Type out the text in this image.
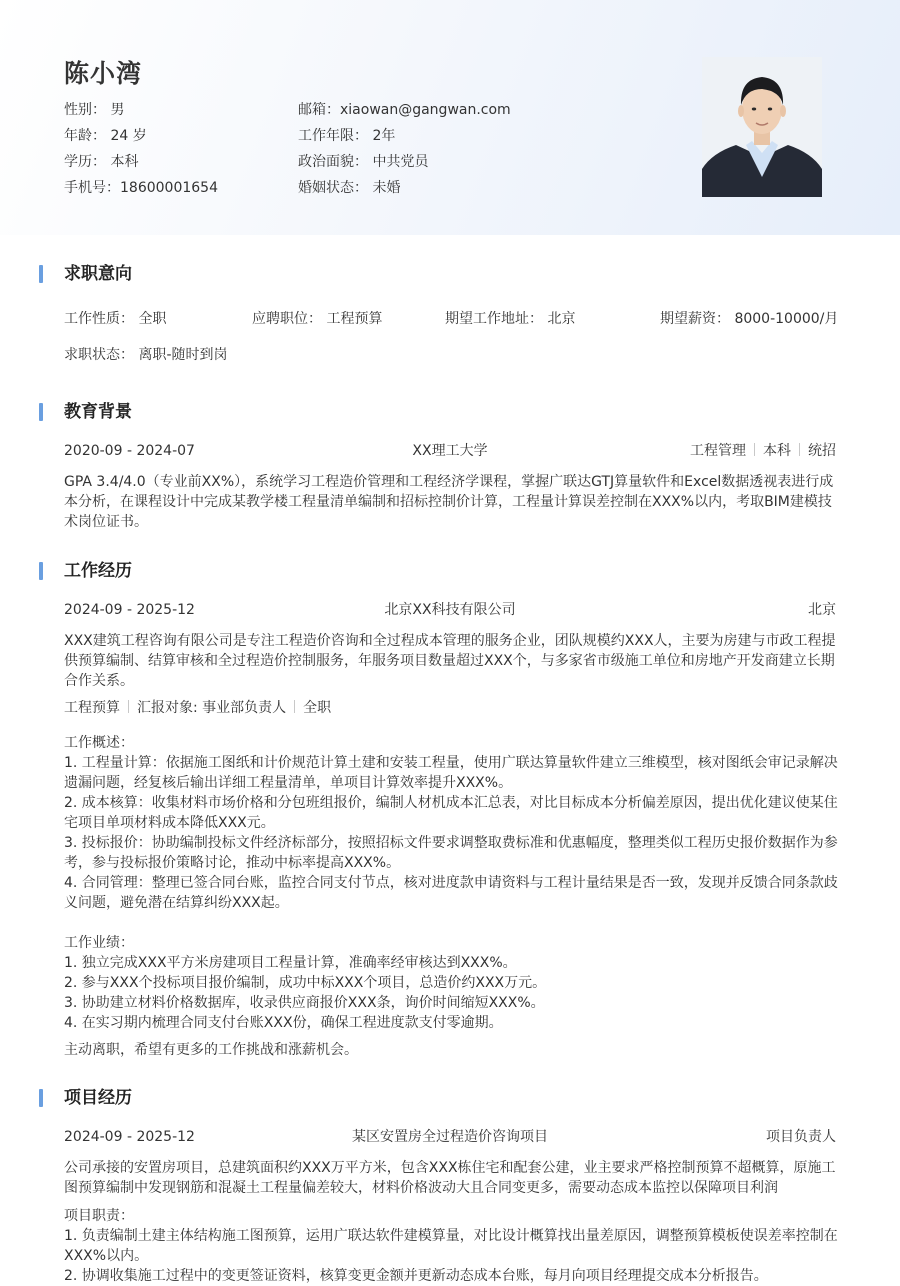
陈小湾
性别： 男
年龄： 24 岁
学历： 本科
手机号：18600001654
邮箱：xiaowan@gangwan.com
工作年限： 2年
政治面貌： 中共党员
婚姻状态： 未婚
求职意向
工作性质： 全职	应聘职位： 工程预算	期望工作地址： 北京	期望薪资： 8000-10000/月
求职状态： 离职-随时到岗
教育背景
2020-09 - 2024-07	XX理工大学	工程管理 本科 统招
GPA 3.4/4.0（专业前XX%），系统学习工程造价管理和工程经济学课程，掌握广联达GTJ算量软件和Excel数据透视表进行成
本分析，在课程设计中完成某教学楼工程量清单编制和招标控制价计算，工程量计算误差控制在XXX%以内，考取BIM建模技
术岗位证书。
工作经历
2024-09 - 2025-12	北京XX科技有限公司	北京
XXX建筑工程咨询有限公司是专注工程造价咨询和全过程成本管理的服务企业，团队规模约XXX人，主要为房建与市政工程提
供预算编制、结算审核和全过程造价控制服务，年服务项目数量超过XXX个，与多家省市级施工单位和房地产开发商建立长期
合作关系。
工程预算 汇报对象: 事业部负责人 全职
工作概述：
1. 工程量计算：依据施工图纸和计价规范计算土建和安装工程量，使用广联达算量软件建立三维模型，核对图纸会审记录解决
遗漏问题，经复核后输出详细工程量清单，单项目计算效率提升XXX%。
2. 成本核算：收集材料市场价格和分包班组报价，编制人材机成本汇总表，对比目标成本分析偏差原因，提出优化建议使某住
宅项目单项材料成本降低XXX元。
3. 投标报价：协助编制投标文件经济标部分，按照招标文件要求调整取费标准和优惠幅度，整理类似工程历史报价数据作为参
考，参与投标报价策略讨论，推动中标率提高XXX%。
4. 合同管理：整理已签合同台账，监控合同支付节点，核对进度款申请资料与工程计量结果是否一致，发现并反馈合同条款歧
义问题，避免潜在结算纠纷XXX起。
工作业绩：
1. 独立完成XXX平方米房建项目工程量计算，准确率经审核达到XXX%。
2. 参与XXX个投标项目报价编制，成功中标XXX个项目，总造价约XXX万元。
3. 协助建立材料价格数据库，收录供应商报价XXX条，询价时间缩短XXX%。
4. 在实习期内梳理合同支付台账XXX份，确保工程进度款支付零逾期。
主动离职，希望有更多的工作挑战和涨薪机会。
项目经历
2024-09 - 2025-12	某区安置房全过程造价咨询项目	项目负责人
公司承接的安置房项目，总建筑面积约XXX万平方米，包含XXX栋住宅和配套公建，业主要求严格控制预算不超概算，原施工
图预算编制中发现钢筋和混凝土工程量偏差较大，材料价格波动大且合同变更多，需要动态成本监控以保障项目利润
项目职责：
1. 负责编制土建主体结构施工图预算，运用广联达软件建模算量，对比设计概算找出量差原因，调整预算模板使误差率控制在
XXX%以内。
2. 协调收集施工过程中的变更签证资料，核算变更金额并更新动态成本台账，每月向项目经理提交成本分析报告。
